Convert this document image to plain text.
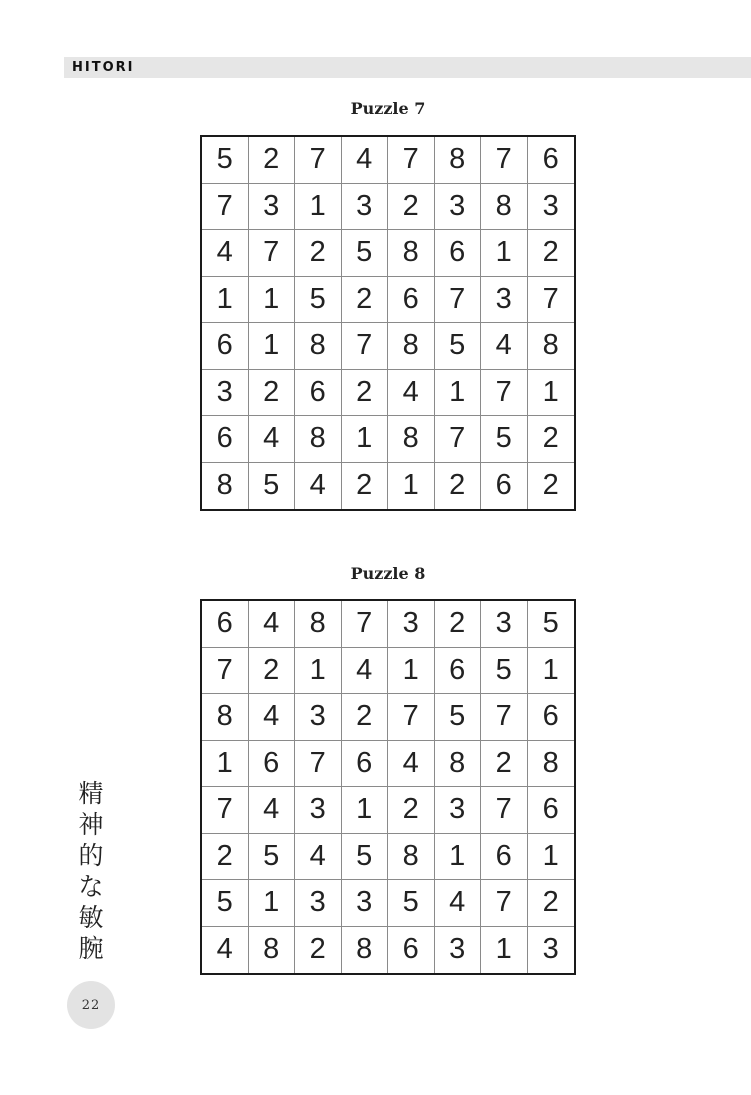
HITORI
Puzzle 7
5	2	7	4	7	8	7	6
7	3	1	3	2	3	8	3
4	7	2	5	8	6	1	2
1	1	5	2	6	7	3	7
6	1	8	7	8	5	4	8
3	2	6	2	4	1	7	1
6	4	8	1	8	7	5	2
8	5	4	2	1	2	6	2
Puzzle 8
6	4	8	7	3	2	3	5
7	2	1	4	1	6	5	1
8	4	3	2	7	5	7	6
1	6	7	6	4	8	2	8
7	4	3	1	2	3	7	6
2	5	4	5	8	1	6	1
5	1	3	3	5	4	7	2
4	8	2	8	6	3	1	3
精
神
的
な
敏
腕
22
